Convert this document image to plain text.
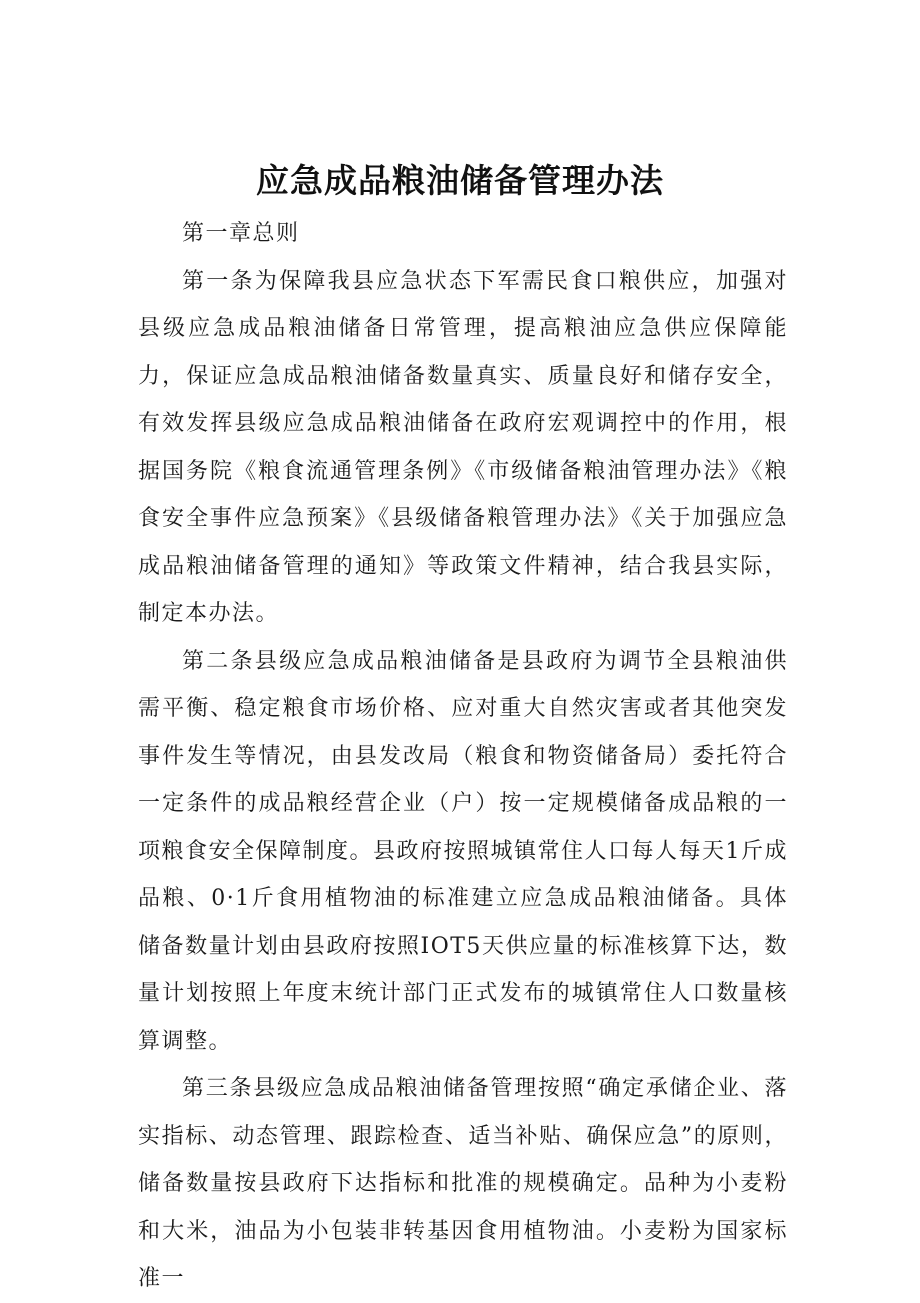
应急成品粮油储备管理办法

第一章总则

第一条为保障我县应急状态下军需民食口粮供应，加强对县级应急成品粮油储备日常管理，提高粮油应急供应保障能力，保证应急成品粮油储备数量真实、质量良好和储存安全，有效发挥县级应急成品粮油储备在政府宏观调控中的作用，根据国务院《粮食流通管理条例》《市级储备粮油管理办法》《粮食安全事件应急预案》《县级储备粮管理办法》《关于加强应急成品粮油储备管理的通知》等政策文件精神，结合我县实际，制定本办法。

第二条县级应急成品粮油储备是县政府为调节全县粮油供需平衡、稳定粮食市场价格、应对重大自然灾害或者其他突发事件发生等情况，由县发改局（粮食和物资储备局）委托符合一定条件的成品粮经营企业（户）按一定规模储备成品粮的一项粮食安全保障制度。县政府按照城镇常住人口每人每天1斤成品粮、0·1斤食用植物油的标准建立应急成品粮油储备。具体储备数量计划由县政府按照IOT5天供应量的标准核算下达，数量计划按照上年度末统计部门正式发布的城镇常住人口数量核算调整。

第三条县级应急成品粮油储备管理按照“确定承储企业、落实指标、动态管理、跟踪检查、适当补贴、确保应急”的原则，储备数量按县政府下达指标和批准的规模确定。品种为小麦粉和大米，油品为小包装非转基因食用植物油。小麦粉为国家标准一
